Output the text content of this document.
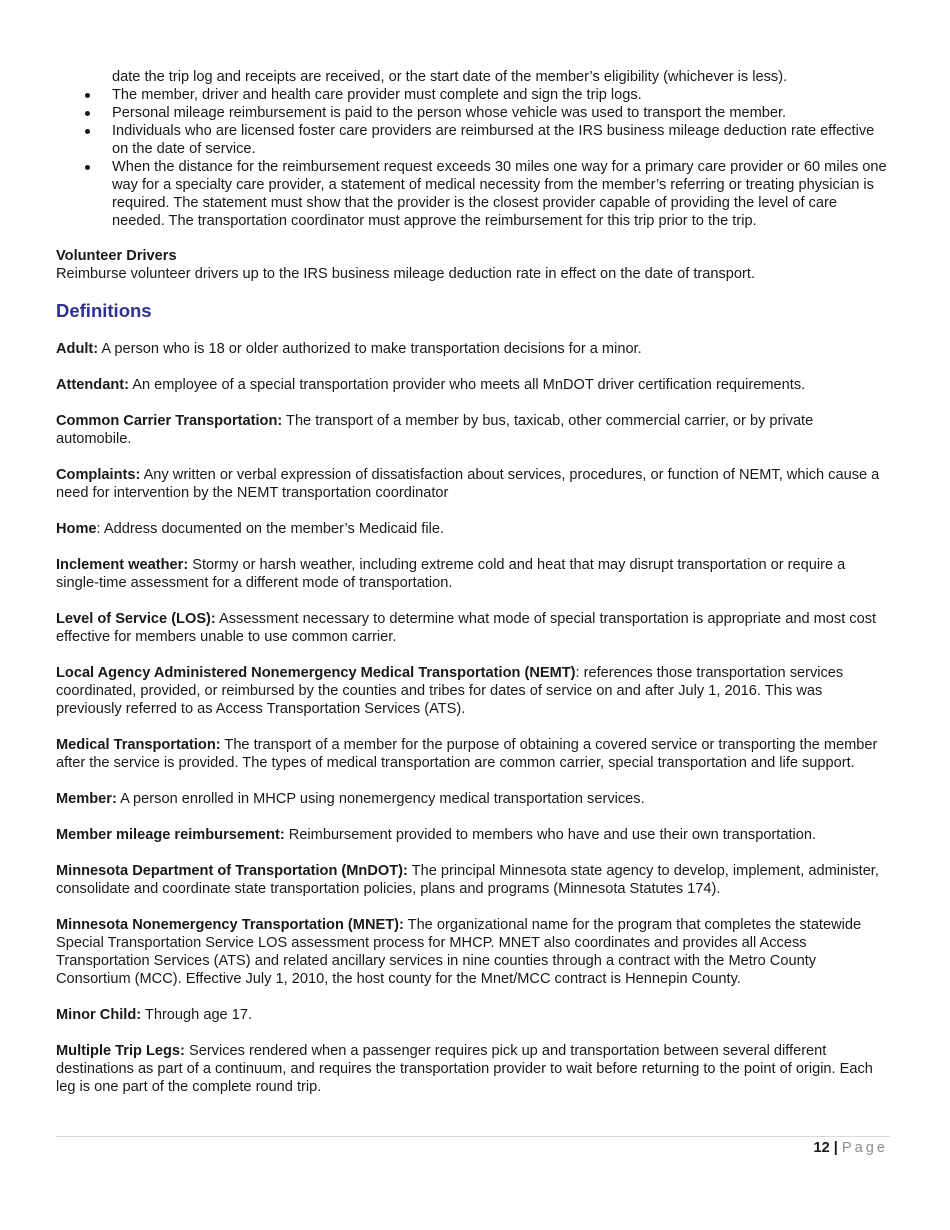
date the trip log and receipts are received, or the start date of the member’s eligibility (whichever is less).

The member, driver and health care provider must complete and sign the trip logs.
Personal mileage reimbursement is paid to the person whose vehicle was used to transport the member.
Individuals who are licensed foster care providers are reimbursed at the IRS business mileage deduction rate effective on the date of service.
When the distance for the reimbursement request exceeds 30 miles one way for a primary care provider or 60 miles one way for a specialty care provider, a statement of medical necessity from the member’s referring or treating physician is required. The statement must show that the provider is the closest provider capable of providing the level of care needed. The transportation coordinator must approve the reimbursement for this trip prior to the trip.
Volunteer Drivers
Reimburse volunteer drivers up to the IRS business mileage deduction rate in effect on the date of transport.
Definitions

Adult: A person who is 18 or older authorized to make transportation decisions for a minor.

Attendant: An employee of a special transportation provider who meets all MnDOT driver certification requirements.

Common Carrier Transportation: The transport of a member by bus, taxicab, other commercial carrier, or by private automobile.

Complaints: Any written or verbal expression of dissatisfaction about services, procedures, or function of NEMT, which cause a need for intervention by the NEMT transportation coordinator

Home: Address documented on the member’s Medicaid file.

Inclement weather: Stormy or harsh weather, including extreme cold and heat that may disrupt transportation or require a single-time assessment for a different mode of transportation.

Level of Service (LOS): Assessment necessary to determine what mode of special transportation is appropriate and most cost effective for members unable to use common carrier.

Local Agency Administered Nonemergency Medical Transportation (NEMT): references those transportation services coordinated, provided, or reimbursed by the counties and tribes for dates of service on and after July 1, 2016. This was previously referred to as Access Transportation Services (ATS).

Medical Transportation: The transport of a member for the purpose of obtaining a covered service or transporting the member after the service is provided. The types of medical transportation are common carrier, special transportation and life support.

Member: A person enrolled in MHCP using nonemergency medical transportation services.

Member mileage reimbursement: Reimbursement provided to members who have and use their own transportation.

Minnesota Department of Transportation (MnDOT): The principal Minnesota state agency to develop, implement, administer, consolidate and coordinate state transportation policies, plans and programs (Minnesota Statutes 174).

Minnesota Nonemergency Transportation (MNET): The organizational name for the program that completes the statewide Special Transportation Service LOS assessment process for MHCP. MNET also coordinates and provides all Access Transportation Services (ATS) and related ancillary services in nine counties through a contract with the Metro County Consortium (MCC). Effective July 1, 2010, the host county for the Mnet/MCC contract is Hennepin County.

Minor Child: Through age 17.

Multiple Trip Legs: Services rendered when a passenger requires pick up and transportation between several different destinations as part of a continuum, and requires the transportation provider to wait before returning to the point of origin. Each leg is one part of the complete round trip.

12 | Page
